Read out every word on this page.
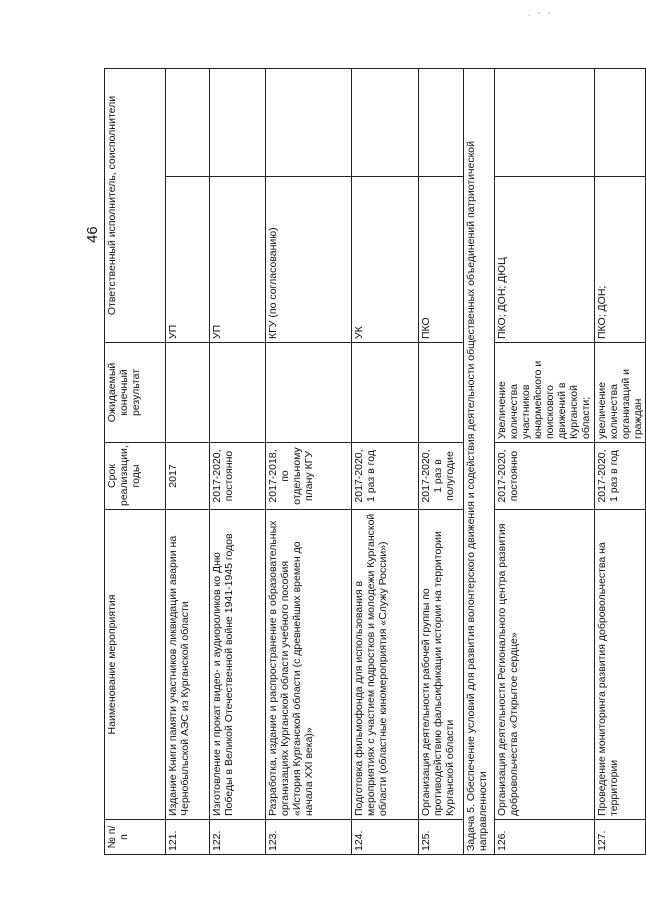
46
. - -
№ п/п	Наименование мероприятия	Срок реализации, годы	Ожидаемый конечный результат	Ответственный исполнитель, соисполнители	
121.	Издание Книги памяти участников ликвидации аварии на Чернобыльской АЭС из Курганской области	2017		УП	
122.	Изготовление и прокат видео- и аудиороликов ко Дню Победы в Великой Отечественной войне 1941-1945 годов	2017-2020, постоянно		УП	
123.	Разработка, издание и распространение в образовательных организациях Курганской области учебного пособия «История Курганской области (с древнейших времен до начала XXI века)»	2017-2018, по отдельному плану КГУ		КГУ (по согласованию)	
124.	Подготовка фильмофонда для использования в мероприятиях с участием подростков и молодежи Курганской области (областные киномероприятия «Служу России»)	2017-2020, 1 раз в год		УК	
125.	Организация деятельности рабочей группы по противодействию фальсификации истории на территории Курганской области	2017-2020, 1 раз в полугодие		ПКО	
Задача 5. Обеспечение условий для развития волонтерского движения и содействия деятельности общественных объединений патриотической направленности					
126.	Организация деятельности Регионального центра развития добровольчества «Открытое сердце»	2017-2020, постоянно	Увеличение количества участников юнармейского и поискового движений в Курганской области;	ПКО; ДОН; ДЮЦ	
127.	Проведение мониторинга развития добровольчества на территории	2017-2020, 1 раз в год	увеличение количества организаций и граждан	ПКО; ДОН;	
